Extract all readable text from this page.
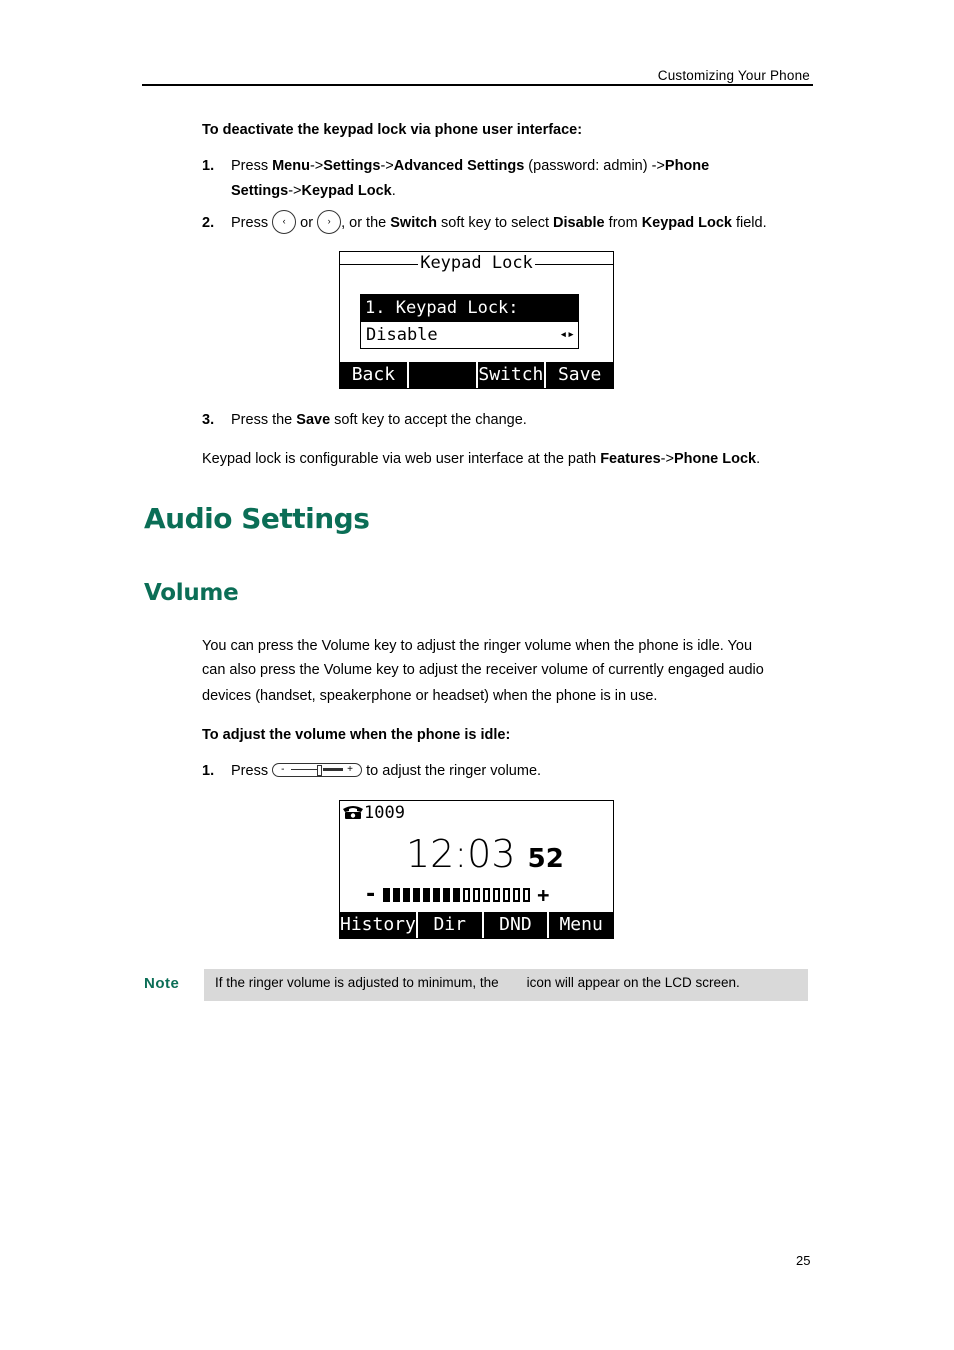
Customizing Your Phone
To deactivate the keypad lock via phone user interface:
1. Press Menu->Settings->Advanced Settings (password: admin) ->Phone
Settings->Keypad Lock.
2. Press ‹ or › , or the Switch soft key to select Disable from Keypad Lock field.
Keypad Lock
1. Keypad Lock:
Disable	◂▸
Back	Switch Save
3. Press the Save soft key to accept the change.
Keypad lock is configurable via web user interface at the path Features->Phone Lock.
Audio Settings
Volume
You can press the Volume key to adjust the ringer volume when the phone is idle. You
can also press the Volume key to adjust the receiver volume of currently engaged audio
devices (handset, speakerphone or headset) when the phone is in use.
To adjust the volume when the phone is idle:
1. Press -	+ to adjust the ringer volume.
1009
12:03 52
-	+
History Dir	DND	Menu
Note	If the ringer volume is adjusted to minimum, the icon will appear on the LCD screen.
25
